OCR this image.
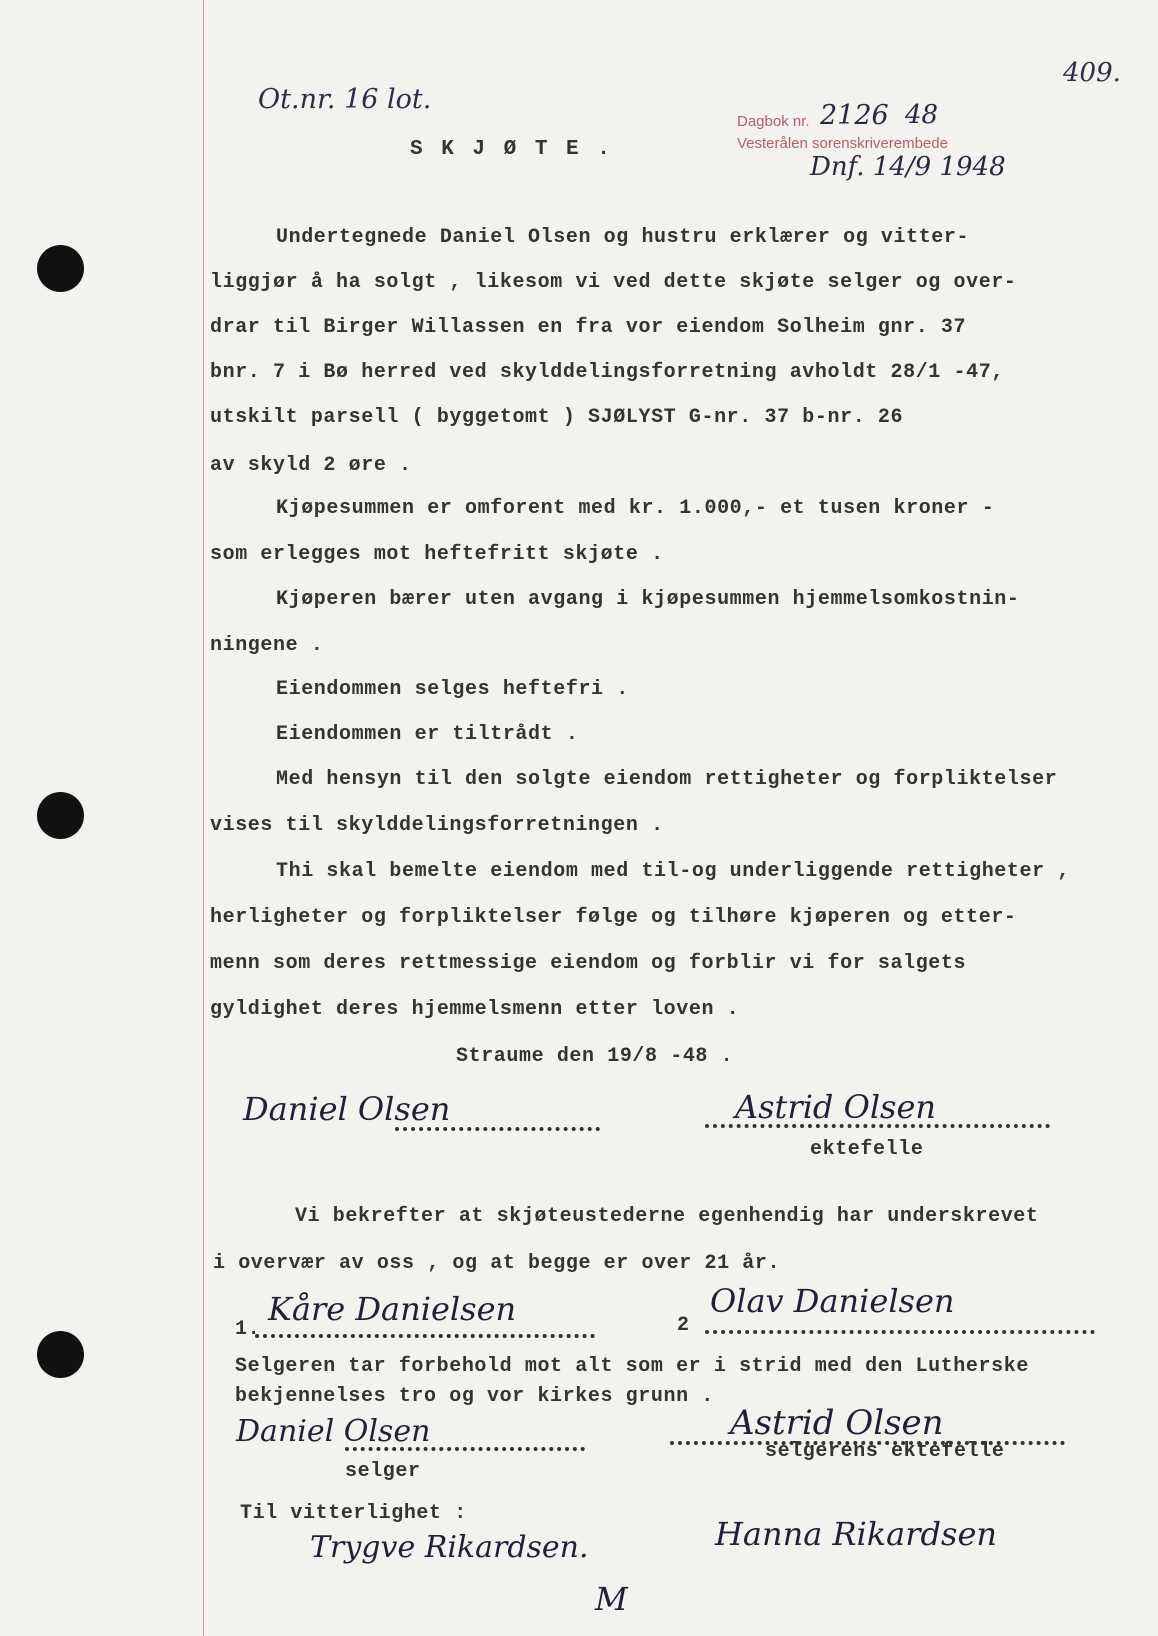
409.
Ot.nr. 16 lot.
S K J Ø T E .
Dagbok nr. 2126 48
Vesterålen sorenskriverembede
Dnf. 14/9 1948
Undertegnede Daniel Olsen og hustru erklærer og vitter-
liggjør å ha solgt , likesom vi ved dette skjøte selger og over-
drar til Birger Willassen en fra vor eiendom Solheim gnr. 37
bnr. 7 i Bø herred ved skylddelingsforretning avholdt 28/1 -47,
utskilt parsell ( byggetomt ) SJØLYST G-nr. 37 b-nr. 26
av skyld 2 øre .
Kjøpesummen er omforent med kr. 1.000,- et tusen kroner -
som erlegges mot heftefritt skjøte .
Kjøperen bærer uten avgang i kjøpesummen hjemmelsomkostnin-
ningene .
Eiendommen selges heftefri .
Eiendommen er tiltrådt .
Med hensyn til den solgte eiendom rettigheter og forpliktelser
vises til skylddelingsforretningen .
Thi skal bemelte eiendom med til-og underliggende rettigheter ,
herligheter og forpliktelser følge og tilhøre kjøperen og etter-
menn som deres rettmessige eiendom og forblir vi for salgets
gyldighet deres hjemmelsmenn etter loven .
Straume den 19/8 -48 .
Daniel Olsen	Astrid Olsen
ektefelle
Vi bekrefter at skjøteustederne egenhendig har underskrevet
i overvær av oss , og at begge er over 21 år.
1.
Kåre Danielsen	2
Olav Danielsen
Selgeren tar forbehold mot alt som er i strid med den Lutherske
bekjennelses tro og vor kirkes grunn .
Daniel Olsen
selger
Astrid Olsen
selgerens ektefelle
Til vitterlighet :
Trygve Rikardsen.	Hanna Rikardsen
M
